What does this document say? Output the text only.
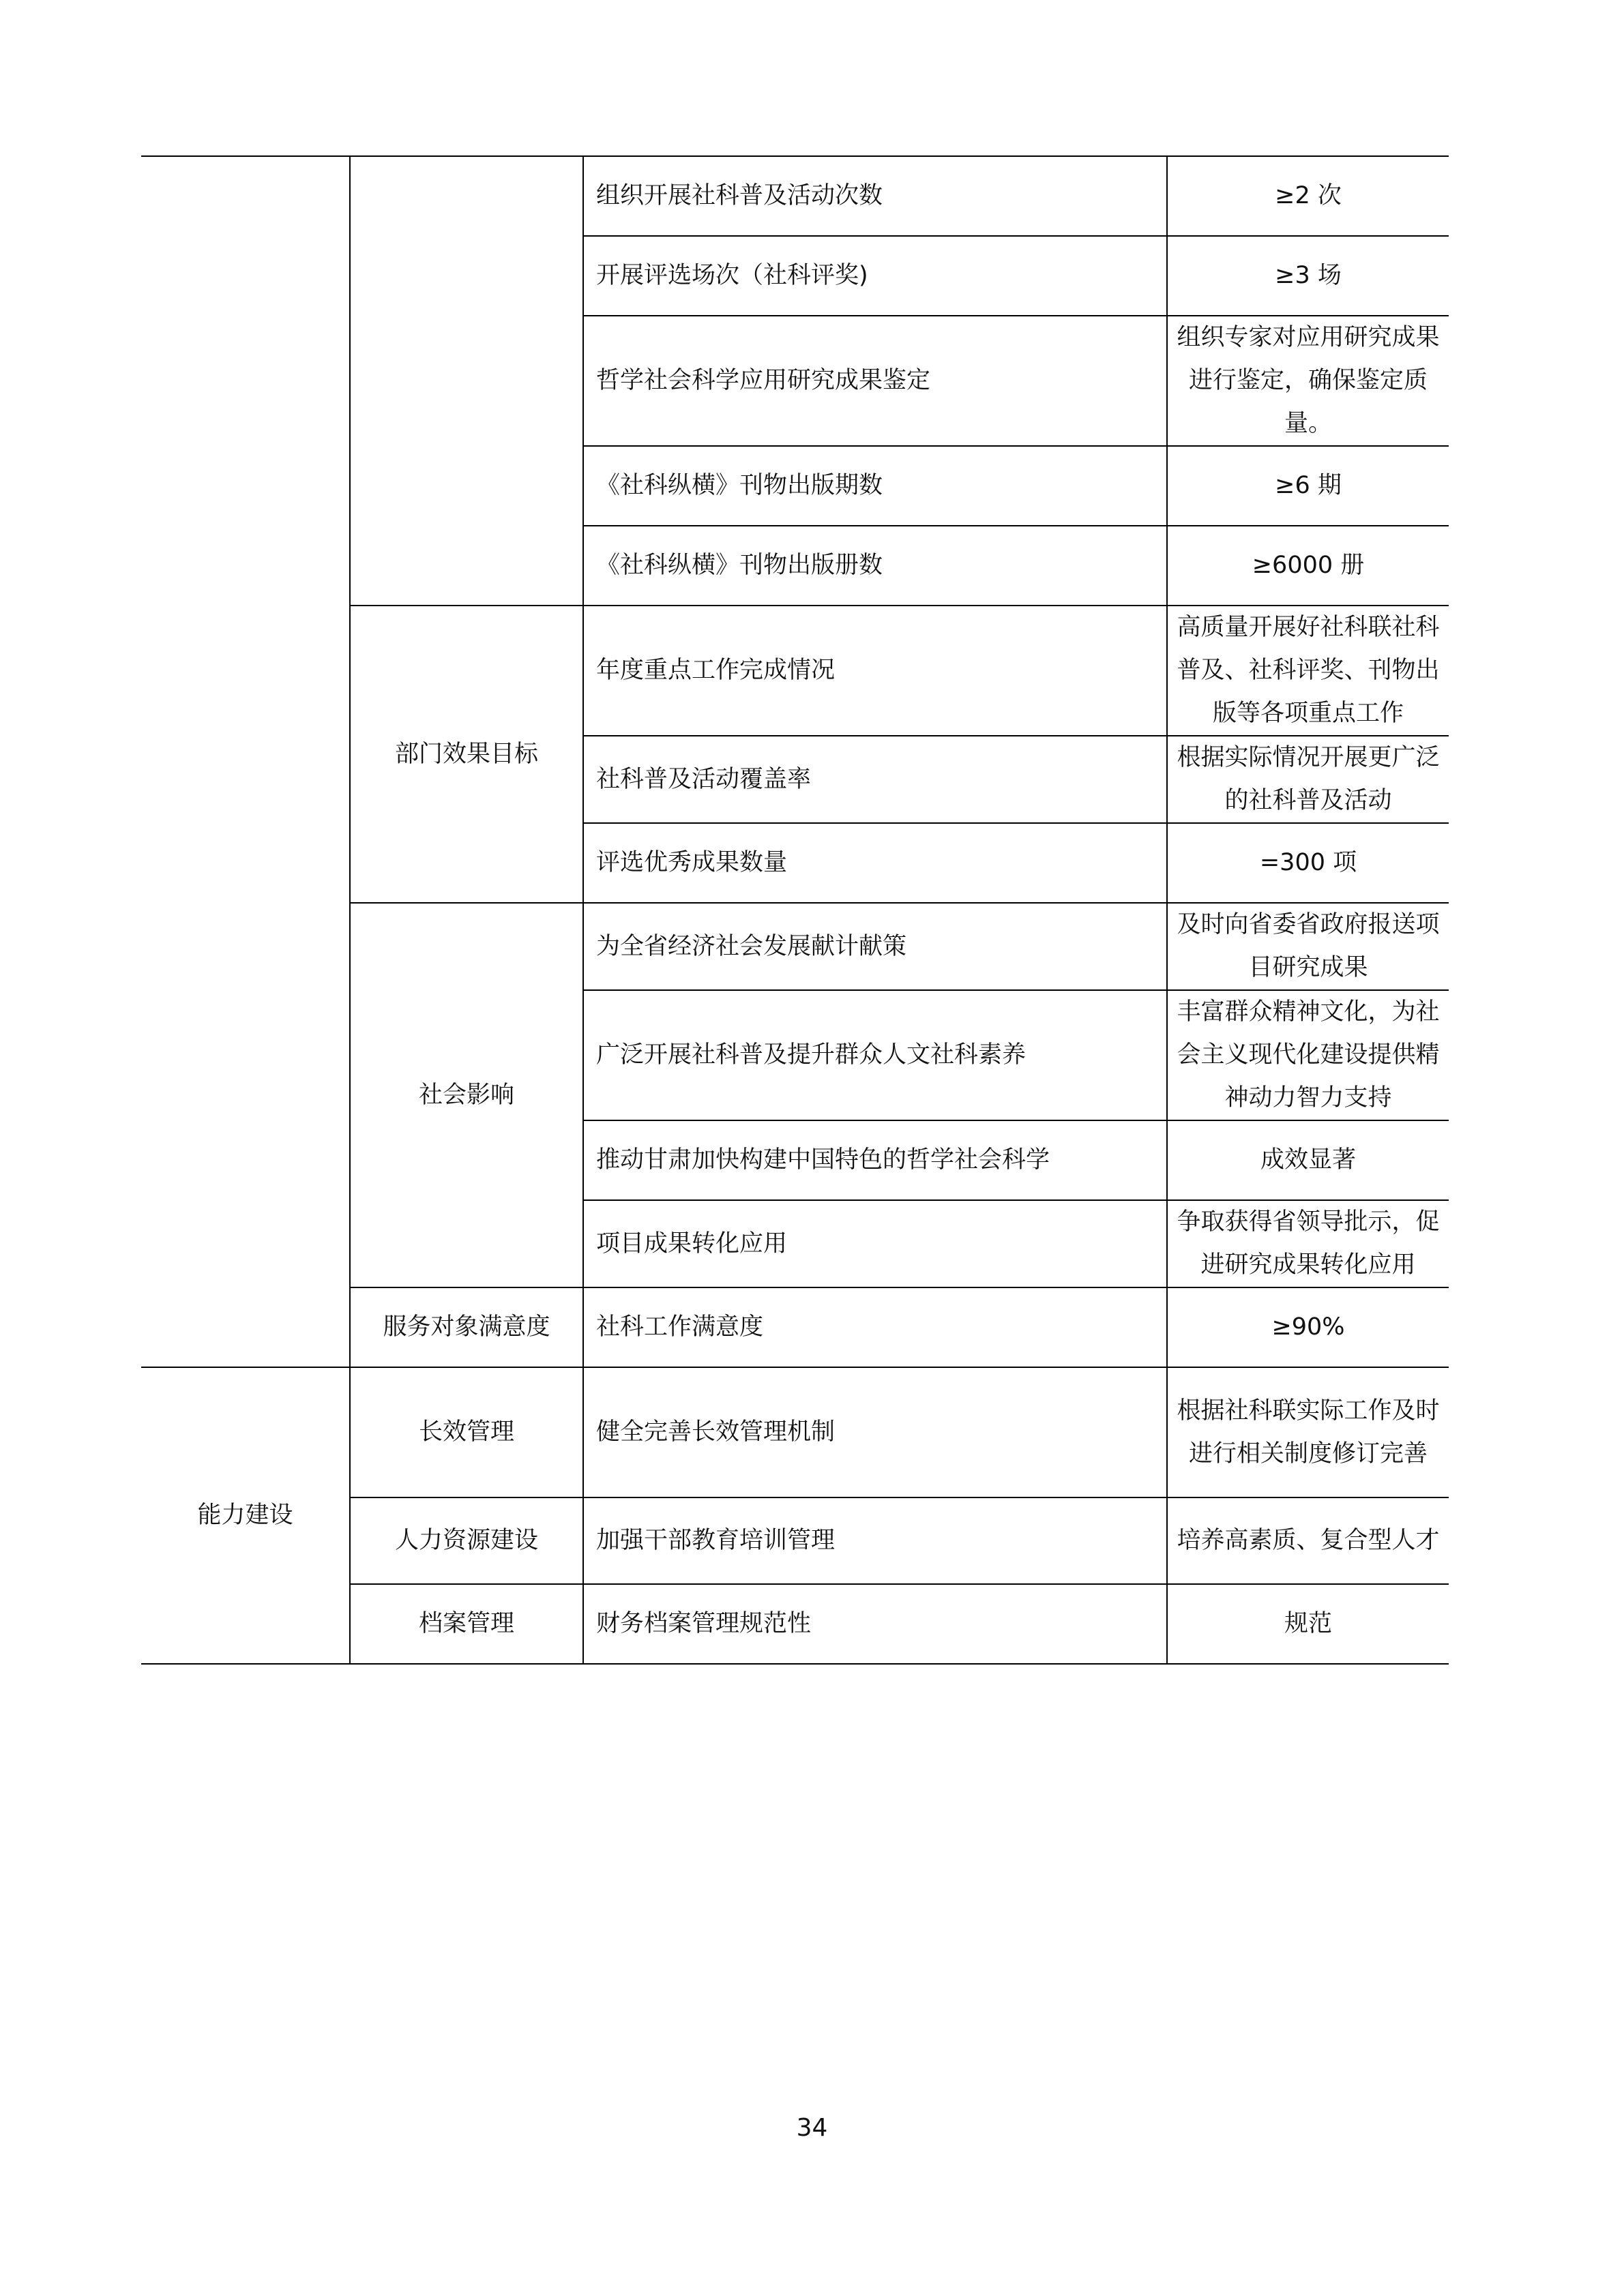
		组织开展社科普及活动次数	≥2 次
		开展评选场次（社科评奖)	≥3 场
		哲学社会科学应用研究成果鉴定	组织专家对应用研究成果进行鉴定，确保鉴定质量。
		《社科纵横》刊物出版期数	≥6 期
		《社科纵横》刊物出版册数	≥6000 册
	部门效果目标	年度重点工作完成情况	高质量开展好社科联社科普及、社科评奖、刊物出版等各项重点工作
		社科普及活动覆盖率	根据实际情况开展更广泛的社科普及活动
		评选优秀成果数量	=300 项
	社会影响	为全省经济社会发展献计献策	及时向省委省政府报送项目研究成果
		广泛开展社科普及提升群众人文社科素养	丰富群众精神文化，为社会主义现代化建设提供精神动力智力支持
		推动甘肃加快构建中国特色的哲学社会科学	成效显著
		项目成果转化应用	争取获得省领导批示，促进研究成果转化应用
	服务对象满意度	社科工作满意度	≥90%
能力建设	长效管理	健全完善长效管理机制	根据社科联实际工作及时进行相关制度修订完善
	人力资源建设	加强干部教育培训管理	培养高素质、复合型人才
	档案管理	财务档案管理规范性	规范
34
